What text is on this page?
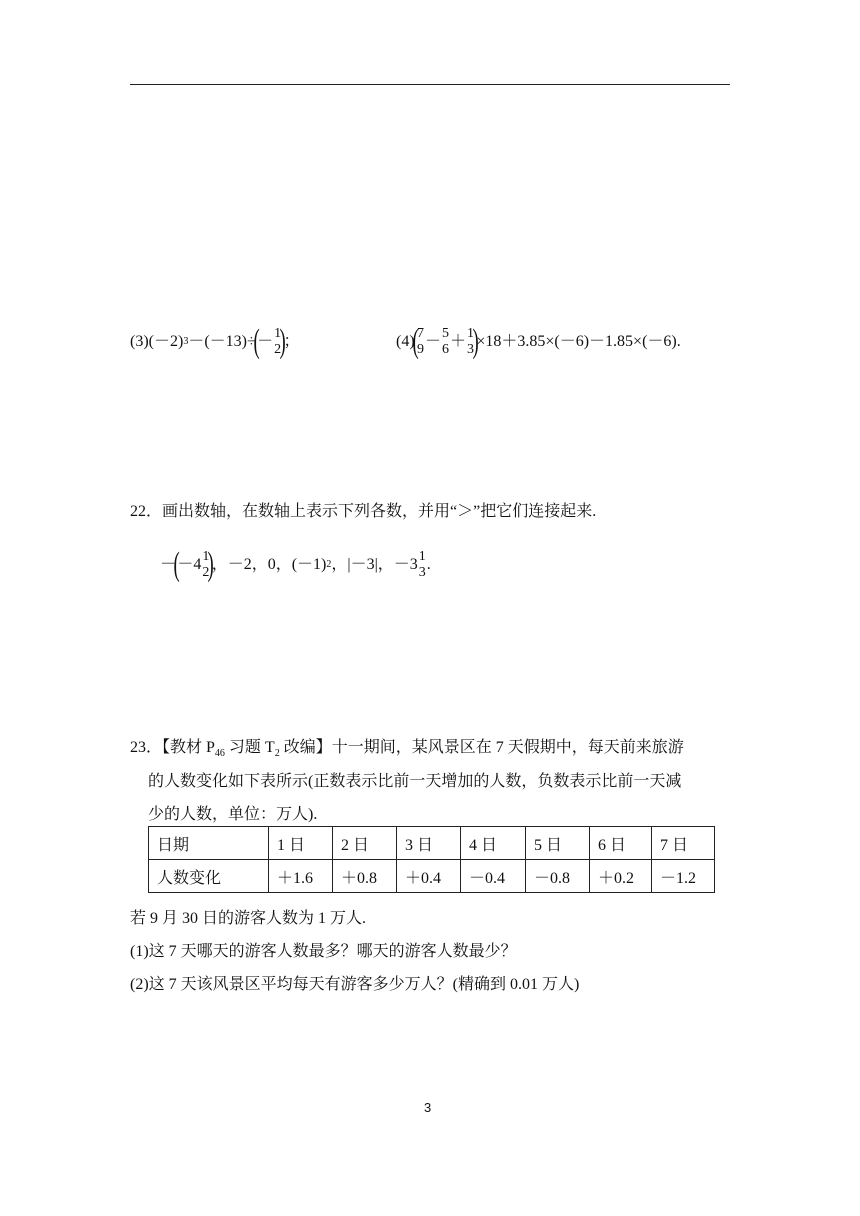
(3)(－2) 3 －(－13)÷
(
－ 1
2
)
；	(4)
(
7
9 － 5
6 ＋ 1
3
)
×18＋3.85×(－6)－1.85×(－6).
22．画出数轴，在数轴上表示下列各数，并用“＞”把它们连接起来.
－
(
－4 1
2
)
，－2，0，(－1) 2 ，|－3|，－3 1
3 .
23．【教材 $P_{46}$ 习题 $T_2$ 改编】十一期间，某风景区在 7 天假期中，每天前来旅游
的人数变化如下表所示(正数表示比前一天增加的人数，负数表示比前一天减
少的人数，单位：万人).
日期	1 日	2 日	3 日	4 日	5 日	6 日	7 日
人数变化	＋1.6	＋0.8	＋0.4	－0.4	－0.8	＋0.2	－1.2
若 9 月 30 日的游客人数为 1 万人.
(1)这 7 天哪天的游客人数最多？哪天的游客人数最少？
(2)这 7 天该风景区平均每天有游客多少万人？(精确到 0.01 万人)
3
